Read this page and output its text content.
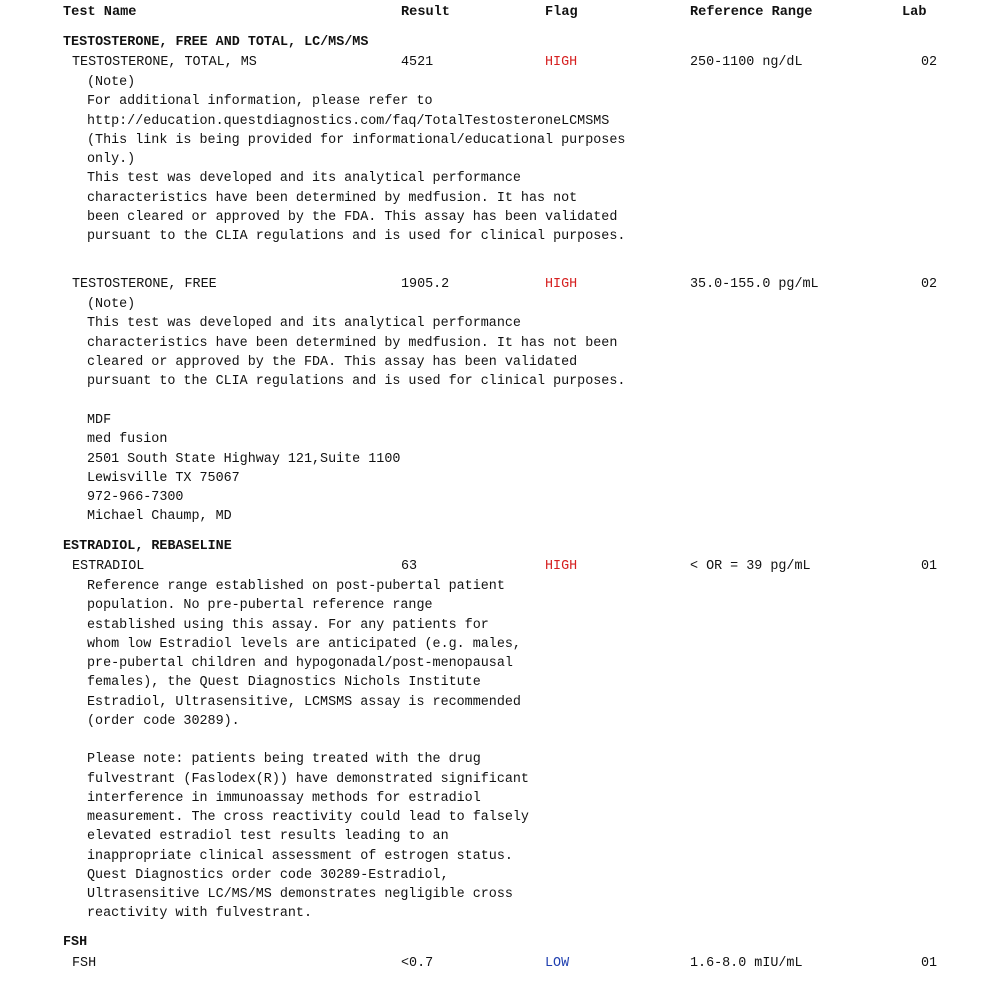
Test Name	Result	Flag	Reference Range	Lab
TESTOSTERONE, FREE AND TOTAL, LC/MS/MS
TESTOSTERONE, TOTAL, MS	4521	HIGH	250-1100 ng/dL	02
(Note)
For additional information, please refer to
http://education.questdiagnostics.com/faq/TotalTestosteroneLCMSMS
(This link is being provided for informational/educational purposes
only.)
This test was developed and its analytical performance
characteristics have been determined by medfusion. It has not
been cleared or approved by the FDA. This assay has been validated
pursuant to the CLIA regulations and is used for clinical purposes.
TESTOSTERONE, FREE	1905.2	HIGH	35.0-155.0 pg/mL	02
(Note)
This test was developed and its analytical performance
characteristics have been determined by medfusion. It has not been
cleared or approved by the FDA. This assay has been validated
pursuant to the CLIA regulations and is used for clinical purposes.
MDF
med fusion
2501 South State Highway 121,Suite 1100
Lewisville TX 75067
972-966-7300
Michael Chaump, MD
ESTRADIOL, REBASELINE
ESTRADIOL	63	HIGH	< OR = 39 pg/mL	01
Reference range established on post-pubertal patient
population. No pre-pubertal reference range
established using this assay. For any patients for
whom low Estradiol levels are anticipated (e.g. males,
pre-pubertal children and hypogonadal/post-menopausal
females), the Quest Diagnostics Nichols Institute
Estradiol, Ultrasensitive, LCMSMS assay is recommended
(order code 30289).

Please note: patients being treated with the drug
fulvestrant (Faslodex(R)) have demonstrated significant
interference in immunoassay methods for estradiol
measurement. The cross reactivity could lead to falsely
elevated estradiol test results leading to an
inappropriate clinical assessment of estrogen status.
Quest Diagnostics order code 30289-Estradiol,
Ultrasensitive LC/MS/MS demonstrates negligible cross
reactivity with fulvestrant.
FSH
FSH	<0.7	LOW	1.6-8.0 mIU/mL	01
